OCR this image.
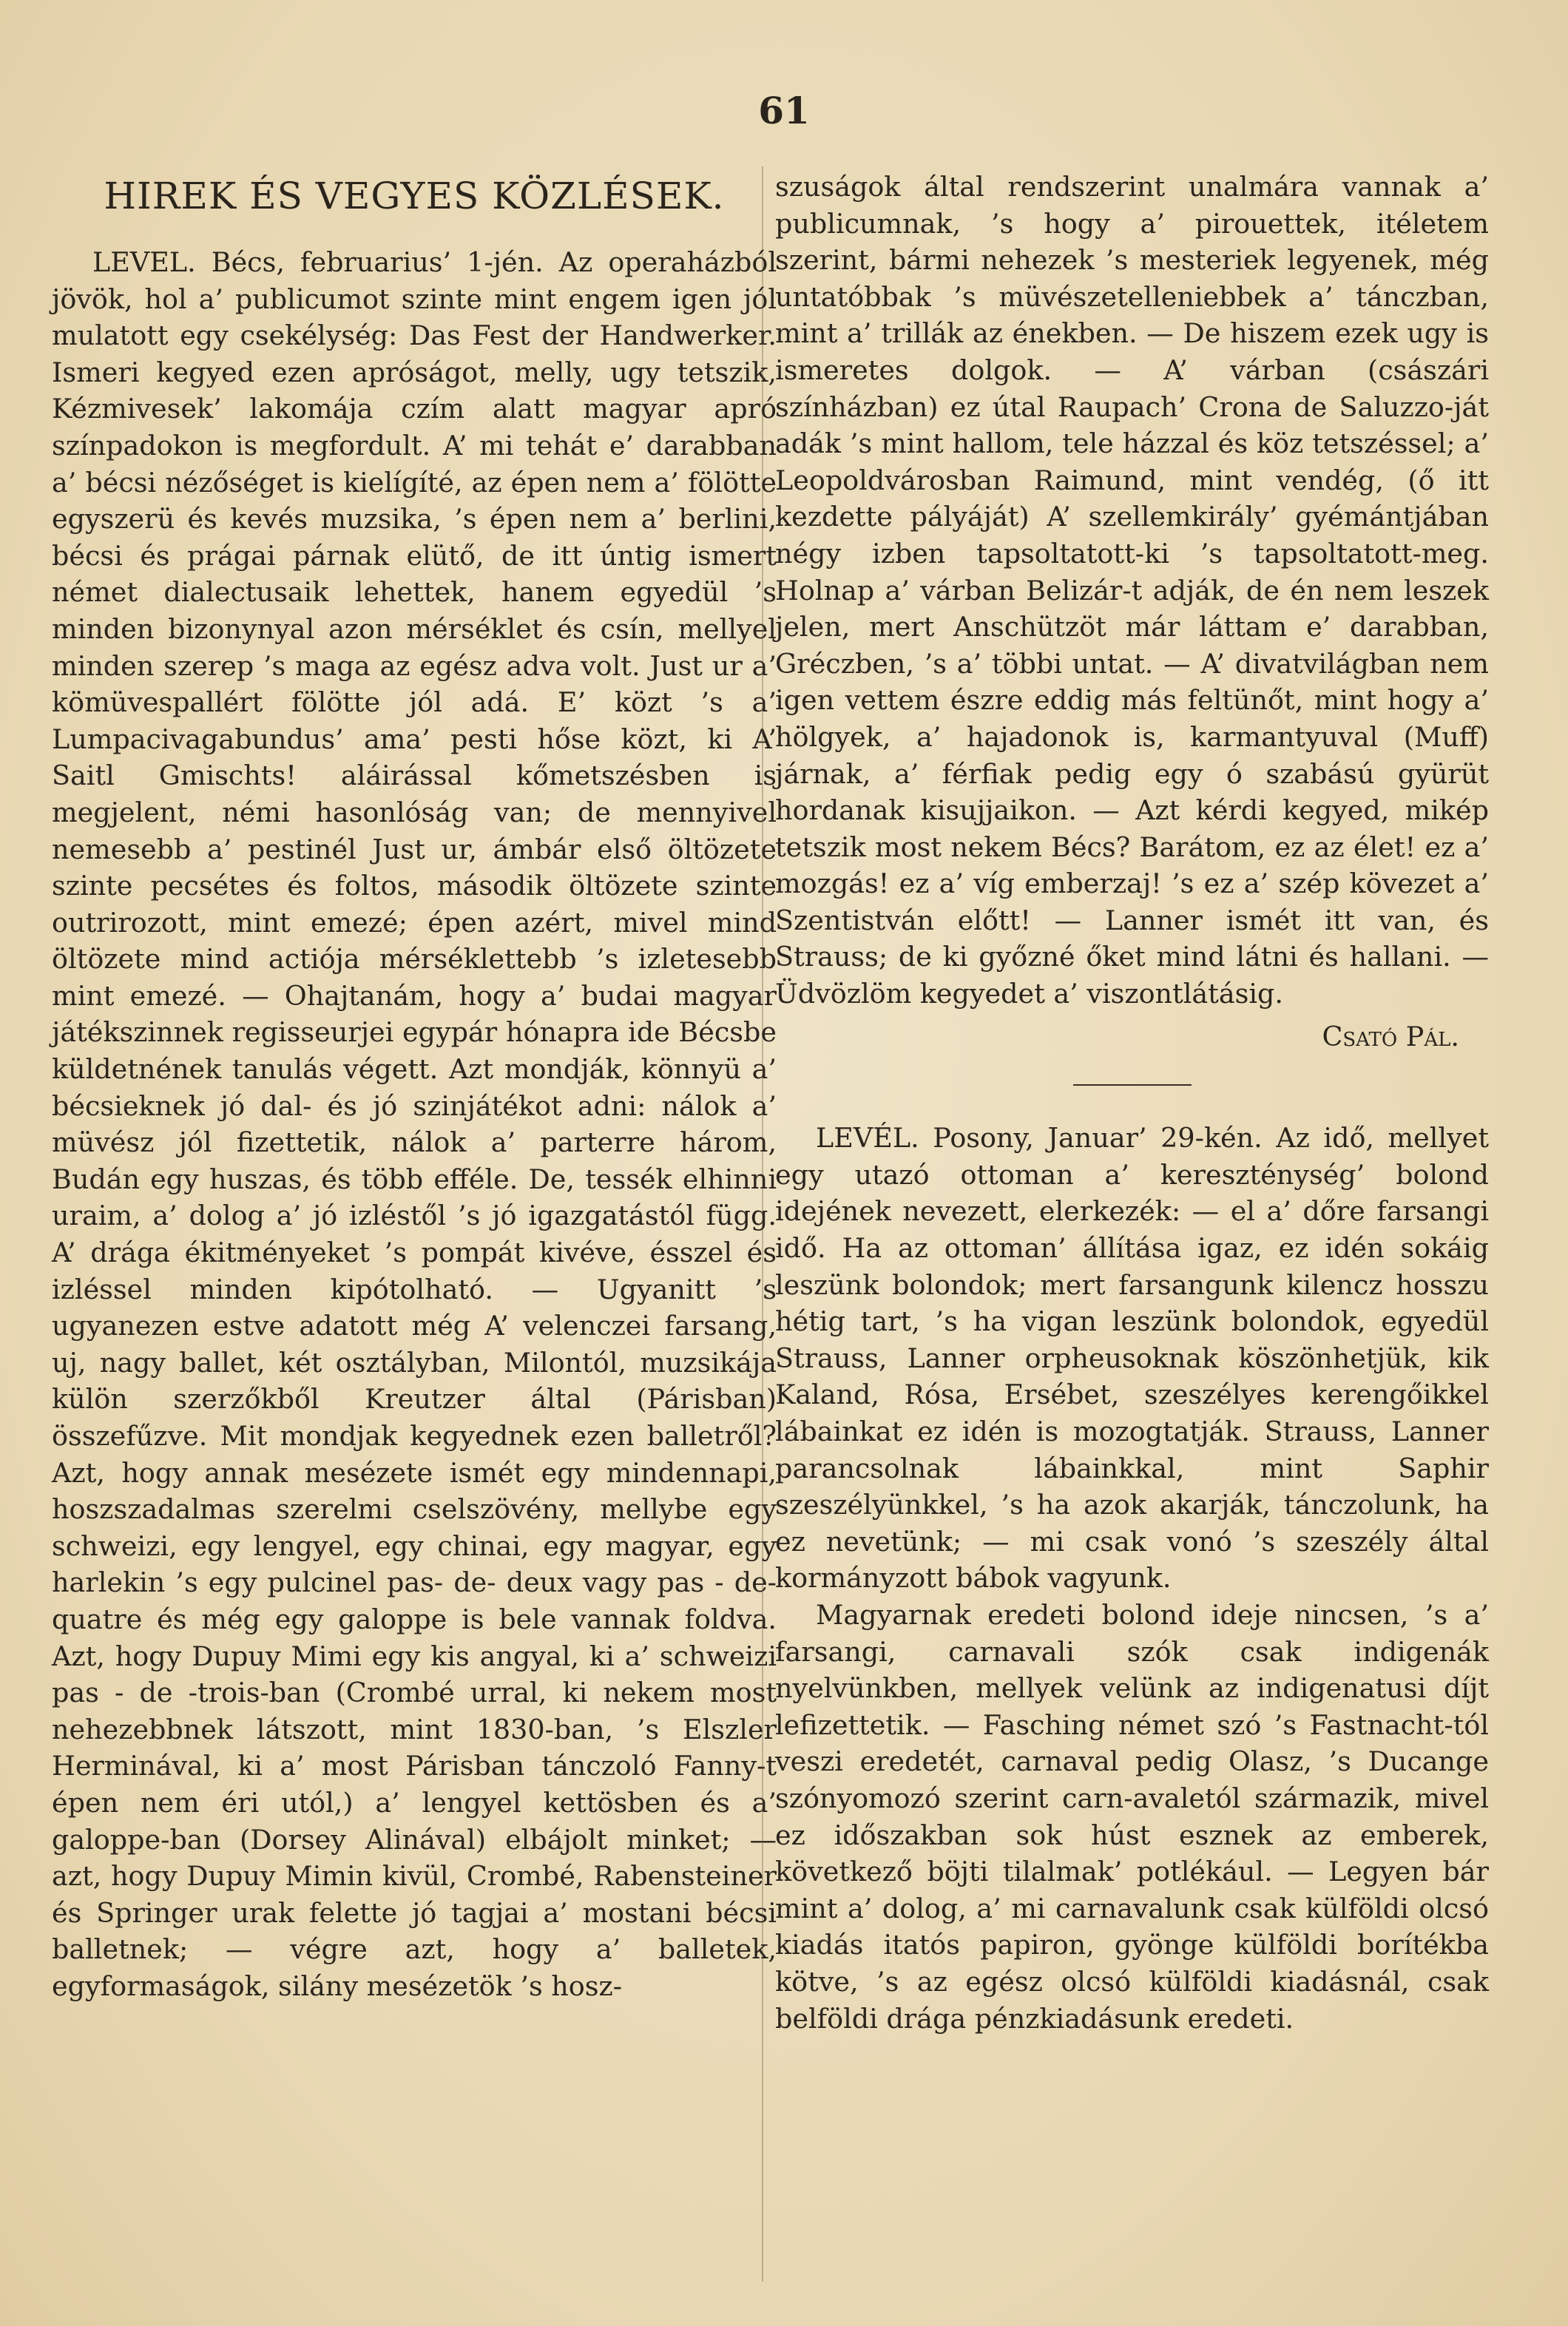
61
HIREK ÉS VEGYES KÖZLÉSEK.

LEVEL. Bécs, februarius’ 1-jén. Az operaházból jövök, hol a’ publicumot szinte mint engem igen jól mulatott egy csekélység: Das Fest der Handwerker. Ismeri kegyed ezen apróságot, melly, ugy tetszik, Kézmivesek’ lakomája czím alatt magyar apró színpadokon is megfordult. A’ mi tehát e’ darabban a’ bécsi nézőséget is kielígíté, az épen nem a’ fölötte egyszerü és kevés muzsika, ’s épen nem a’ berlini, bécsi és prágai párnak elütő, de itt úntig ismert német dialectusaik lehettek, hanem egyedül ’s minden bizonynyal azon mérséklet és csín, mellyel minden szerep ’s maga az egész adva volt. Just ur a’ kömüvespallért fölötte jól adá. E’ közt ’s a’ Lumpacivagabundus’ ama’ pesti hőse közt, ki A’ Saitl Gmischts! aláirással kőmetszésben is megjelent, némi hasonlóság van; de mennyivel nemesebb a’ pestinél Just ur, ámbár első öltözete szinte pecsétes és foltos, második öltözete szinte outrirozott, mint emezé; épen azért, mivel mind öltözete mind actiója mérséklettebb ’s izletesebb mint emezé. — Ohajtanám, hogy a’ budai magyar játékszinnek regisseurjei egypár hónapra ide Bécsbe küldetnének tanulás végett. Azt mondják, könnyü a’ bécsieknek jó dal- és jó szinjátékot adni: nálok a’ müvész jól fizettetik, nálok a’ parterre három, Budán egy huszas, és több efféle. De, tessék elhinni uraim, a’ dolog a’ jó izléstől ’s jó igazgatástól függ. A’ drága ékitményeket ’s pompát kivéve, ésszel és izléssel minden kipótolható. — Ugyanitt ’s ugyanezen estve adatott még A’ velenczei farsang, uj, nagy ballet, két osztályban, Milontól, muzsikája külön szerzőkből Kreutzer által (Párisban) összefűzve. Mit mondjak kegyednek ezen balletről? Azt, hogy annak mesézete ismét egy mindennapi, hoszszadalmas szerelmi cselszövény, mellybe egy schweizi, egy lengyel, egy chinai, egy magyar, egy harlekin ’s egy pulcinel pas- de- deux vagy pas - de- quatre és még egy galoppe is bele vannak foldva. Azt, hogy Dupuy Mimi egy kis angyal, ki a’ schweizi pas - de -trois-ban (Crombé urral, ki nekem most nehezebbnek látszott, mint 1830-ban, ’s Elszler Herminával, ki a’ most Párisban tánczoló Fanny-t épen nem éri utól,) a’ lengyel kettösben és a’ galoppe-ban (Dorsey Alinával) elbájolt minket; — azt, hogy Dupuy Mimin kivül, Crombé, Rabensteiner és Springer urak felette jó tagjai a’ mostani bécsi balletnek; — végre azt, hogy a’ balletek, egyformaságok, silány mesézetök ’s hosz-

szuságok által rendszerint unalmára vannak a’ publicumnak, ’s hogy a’ pirouettek, itéletem szerint, bármi nehezek ’s mesteriek legyenek, még untatóbbak ’s müvészetelleniebbek a’ tánczban, mint a’ trillák az énekben. — De hiszem ezek ugy is ismeretes dolgok. — A’ várban (császári színházban) ez útal Raupach’ Crona de Saluzzo-ját adák ’s mint hallom, tele házzal és köz tetszéssel; a’ Leopoldvárosban Raimund, mint vendég, (ő itt kezdette pályáját) A’ szellemkirály’ gyémántjában négy izben tapsoltatott-ki ’s tapsoltatott-meg. Holnap a’ várban Belizár-t adják, de én nem leszek jelen, mert Anschützöt már láttam e’ darabban, Gréczben, ’s a’ többi untat. — A’ divatvilágban nem igen vettem észre eddig más feltünőt, mint hogy a’ hölgyek, a’ hajadonok is, karmantyuval (Muff) járnak, a’ férfiak pedig egy ó szabású gyürüt hordanak kisujjaikon. — Azt kérdi kegyed, mikép tetszik most nekem Bécs? Barátom, ez az élet! ez a’ mozgás! ez a’ víg emberzaj! ’s ez a’ szép kövezet a’ Szentistván előtt! — Lanner ismét itt van, és Strauss; de ki győzné őket mind látni és hallani. — Üdvözlöm kegyedet a’ viszontlátásig.

Csató Pál.

LEVÉL. Posony, Januar’ 29-kén. Az idő, mellyet egy utazó ottoman a’ kereszténység’ bolond idejének nevezett, elerkezék: — el a’ dőre farsangi idő. Ha az ottoman’ állítása igaz, ez idén sokáig leszünk bolondok; mert farsangunk kilencz hosszu hétig tart, ’s ha vigan leszünk bolondok, egyedül Strauss, Lanner orpheusoknak köszönhetjük, kik Kaland, Rósa, Ersébet, szeszélyes kerengőikkel lábainkat ez idén is mozogtatják. Strauss, Lanner parancsolnak lábainkkal, mint Saphir szeszélyünkkel, ’s ha azok akarják, tánczolunk, ha ez nevetünk; — mi csak vonó ’s szeszély által kormányzott bábok vagyunk.

Magyarnak eredeti bolond ideje nincsen, ’s a’ farsangi, carnavali szók csak indigenák nyelvünkben, mellyek velünk az indigenatusi díjt lefizettetik. — Fasching német szó ’s Fastnacht-tól veszi eredetét, carnaval pedig Olasz, ’s Ducange szónyomozó szerint carn-avaletól származik, mivel ez időszakban sok húst esznek az emberek, következő böjti tilalmak’ potlékául. — Legyen bár mint a’ dolog, a’ mi carnavalunk csak külföldi olcsó kiadás itatós papiron, gyönge külföldi borítékba kötve, ’s az egész olcsó külföldi kiadásnál, csak belföldi drága pénzkiadásunk eredeti.
